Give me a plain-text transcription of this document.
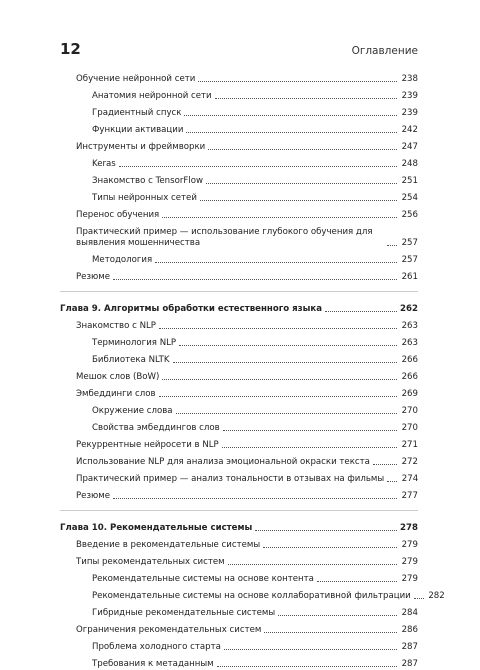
12	Оглавление
Обучение нейронной сети	238
Анатомия нейронной сети	239
Градиентный спуск	239
Функции активации	242
Инструменты и фреймворки	247
Keras	248
Знакомство с TensorFlow	251
Типы нейронных сетей	254
Перенос обучения	256
Практический пример — использование глубокого обучения для выявления мошенничества	257
Методология	257
Резюме	261
Глава 9. Алгоритмы обработки естественного языка	262
Знакомство с NLP	263
Терминология NLP	263
Библиотека NLTK	266
Мешок слов (BoW)	266
Эмбеддинги слов	269
Окружение слова	270
Свойства эмбеддингов слов	270
Рекуррентные нейросети в NLP	271
Использование NLP для анализа эмоциональной окраски текста	272
Практический пример — анализ тональности в отзывах на фильмы 274
Резюме	277
Глава 10. Рекомендательные системы	278
Введение в рекомендательные системы	279
Типы рекомендательных систем	279
Рекомендательные системы на основе контента	279
Рекомендательные системы на основе коллаборативной фильтрации 282
Гибридные рекомендательные системы	284
Ограничения рекомендательных систем	286
Проблема холодного старта	287
Требования к метаданным	287
